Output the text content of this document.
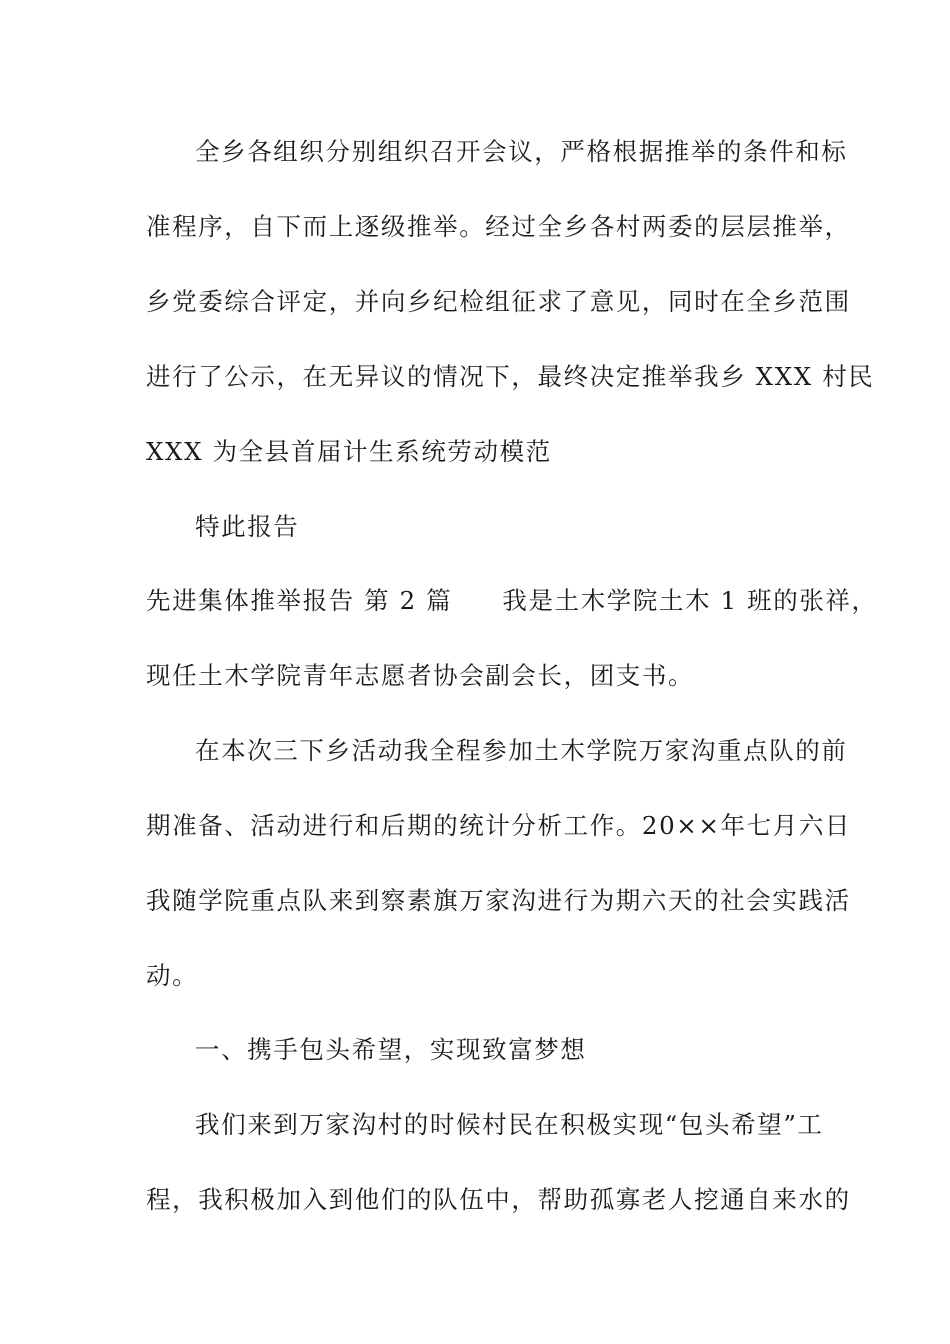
全乡各组织分别组织召开会议，严格根据推举的条件和标
准程序，自下而上逐级推举。经过全乡各村两委的层层推举，
乡党委综合评定，并向乡纪检组征求了意见，同时在全乡范围
进行了公示，在无异议的情况下，最终决定推举我乡 XXX 村民
XXX 为全县首届计生系统劳动模范
特此报告
先进集体推举报告 第 2 篇 我是土木学院土木 1 班的张祥，
现任土木学院青年志愿者协会副会长，团支书。
在本次三下乡活动我全程参加土木学院万家沟重点队的前
期准备、活动进行和后期的统计分析工作。20××年七月六日
我随学院重点队来到察素旗万家沟进行为期六天的社会实践活
动。
一、携手包头希望，实现致富梦想
我们来到万家沟村的时候村民在积极实现“包头希望”工
程，我积极加入到他们的队伍中，帮助孤寡老人挖通自来水的
